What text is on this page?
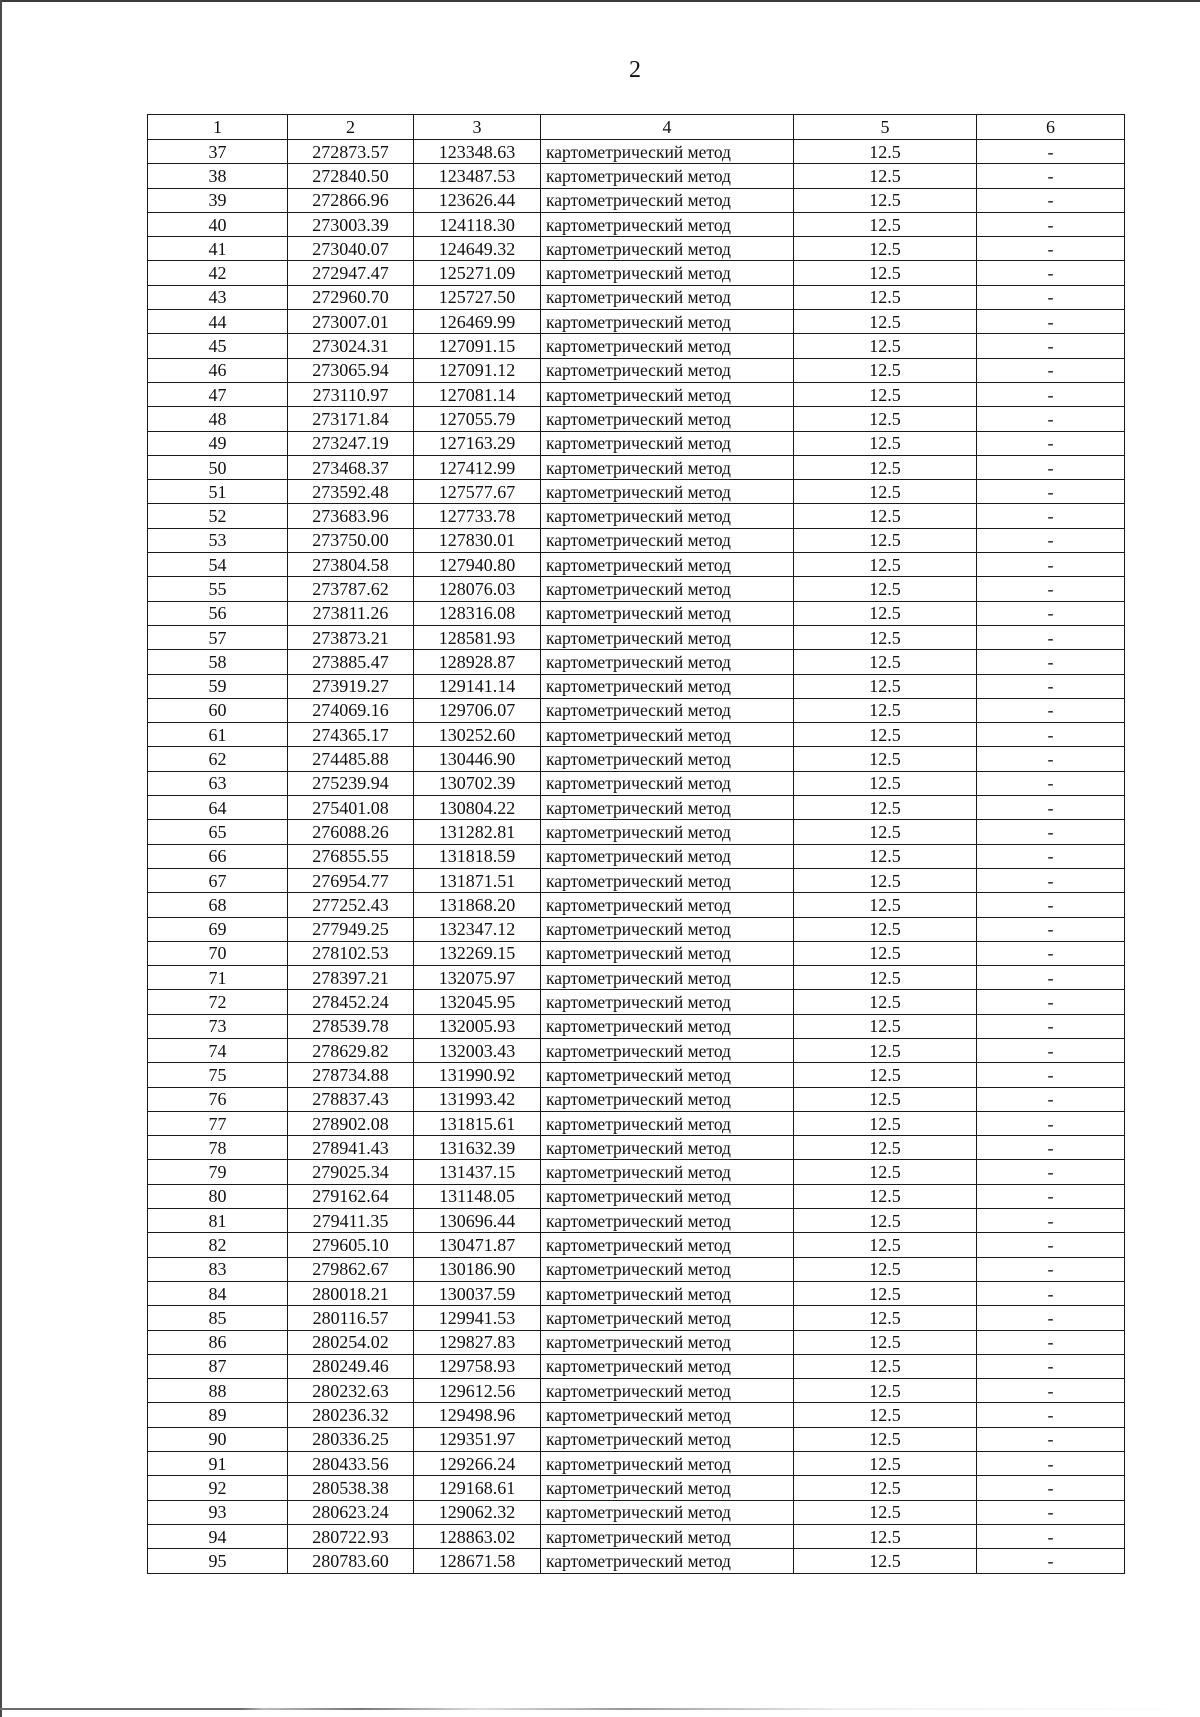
2
1	2	3	4	5	6
37	272873.57	123348.63	картометрический метод	12.5	-
38	272840.50	123487.53	картометрический метод	12.5	-
39	272866.96	123626.44	картометрический метод	12.5	-
40	273003.39	124118.30	картометрический метод	12.5	-
41	273040.07	124649.32	картометрический метод	12.5	-
42	272947.47	125271.09	картометрический метод	12.5	-
43	272960.70	125727.50	картометрический метод	12.5	-
44	273007.01	126469.99	картометрический метод	12.5	-
45	273024.31	127091.15	картометрический метод	12.5	-
46	273065.94	127091.12	картометрический метод	12.5	-
47	273110.97	127081.14	картометрический метод	12.5	-
48	273171.84	127055.79	картометрический метод	12.5	-
49	273247.19	127163.29	картометрический метод	12.5	-
50	273468.37	127412.99	картометрический метод	12.5	-
51	273592.48	127577.67	картометрический метод	12.5	-
52	273683.96	127733.78	картометрический метод	12.5	-
53	273750.00	127830.01	картометрический метод	12.5	-
54	273804.58	127940.80	картометрический метод	12.5	-
55	273787.62	128076.03	картометрический метод	12.5	-
56	273811.26	128316.08	картометрический метод	12.5	-
57	273873.21	128581.93	картометрический метод	12.5	-
58	273885.47	128928.87	картометрический метод	12.5	-
59	273919.27	129141.14	картометрический метод	12.5	-
60	274069.16	129706.07	картометрический метод	12.5	-
61	274365.17	130252.60	картометрический метод	12.5	-
62	274485.88	130446.90	картометрический метод	12.5	-
63	275239.94	130702.39	картометрический метод	12.5	-
64	275401.08	130804.22	картометрический метод	12.5	-
65	276088.26	131282.81	картометрический метод	12.5	-
66	276855.55	131818.59	картометрический метод	12.5	-
67	276954.77	131871.51	картометрический метод	12.5	-
68	277252.43	131868.20	картометрический метод	12.5	-
69	277949.25	132347.12	картометрический метод	12.5	-
70	278102.53	132269.15	картометрический метод	12.5	-
71	278397.21	132075.97	картометрический метод	12.5	-
72	278452.24	132045.95	картометрический метод	12.5	-
73	278539.78	132005.93	картометрический метод	12.5	-
74	278629.82	132003.43	картометрический метод	12.5	-
75	278734.88	131990.92	картометрический метод	12.5	-
76	278837.43	131993.42	картометрический метод	12.5	-
77	278902.08	131815.61	картометрический метод	12.5	-
78	278941.43	131632.39	картометрический метод	12.5	-
79	279025.34	131437.15	картометрический метод	12.5	-
80	279162.64	131148.05	картометрический метод	12.5	-
81	279411.35	130696.44	картометрический метод	12.5	-
82	279605.10	130471.87	картометрический метод	12.5	-
83	279862.67	130186.90	картометрический метод	12.5	-
84	280018.21	130037.59	картометрический метод	12.5	-
85	280116.57	129941.53	картометрический метод	12.5	-
86	280254.02	129827.83	картометрический метод	12.5	-
87	280249.46	129758.93	картометрический метод	12.5	-
88	280232.63	129612.56	картометрический метод	12.5	-
89	280236.32	129498.96	картометрический метод	12.5	-
90	280336.25	129351.97	картометрический метод	12.5	-
91	280433.56	129266.24	картометрический метод	12.5	-
92	280538.38	129168.61	картометрический метод	12.5	-
93	280623.24	129062.32	картометрический метод	12.5	-
94	280722.93	128863.02	картометрический метод	12.5	-
95	280783.60	128671.58	картометрический метод	12.5	-
